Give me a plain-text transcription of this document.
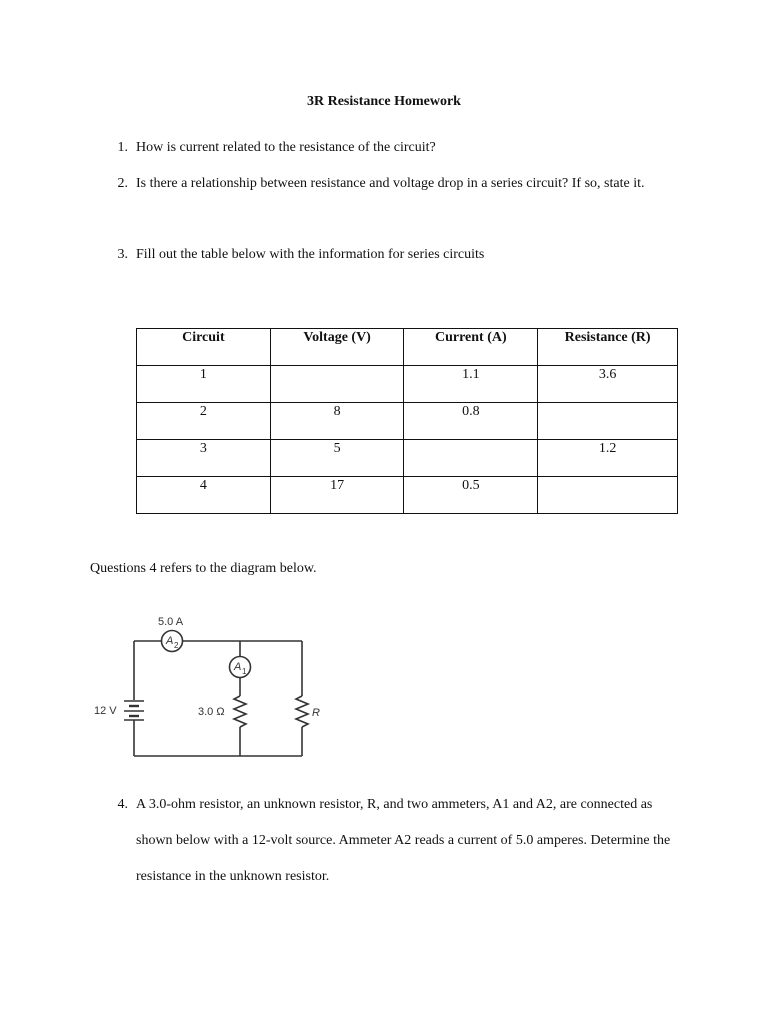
3R Resistance Homework
1. How is current related to the resistance of the circuit?
2. Is there a relationship between resistance and voltage drop in a series circuit? If so, state it.
3. Fill out the table below with the information for series circuits
Circuit	Voltage (V)	Current (A)	Resistance (R)
1		1.1	3.6
2	8	0.8	
3	5		1.2
4	17	0.5	
Questions 4 refers to the diagram below.
5.0 A
A 2
A 1
12 V	3.0 Ω	R
4. A 3.0-ohm resistor, an unknown resistor, R, and two ammeters, A1 and A2, are connected as shown below with a 12-volt source. Ammeter A2 reads a current of 5.0 amperes. Determine the resistance in the unknown resistor.
